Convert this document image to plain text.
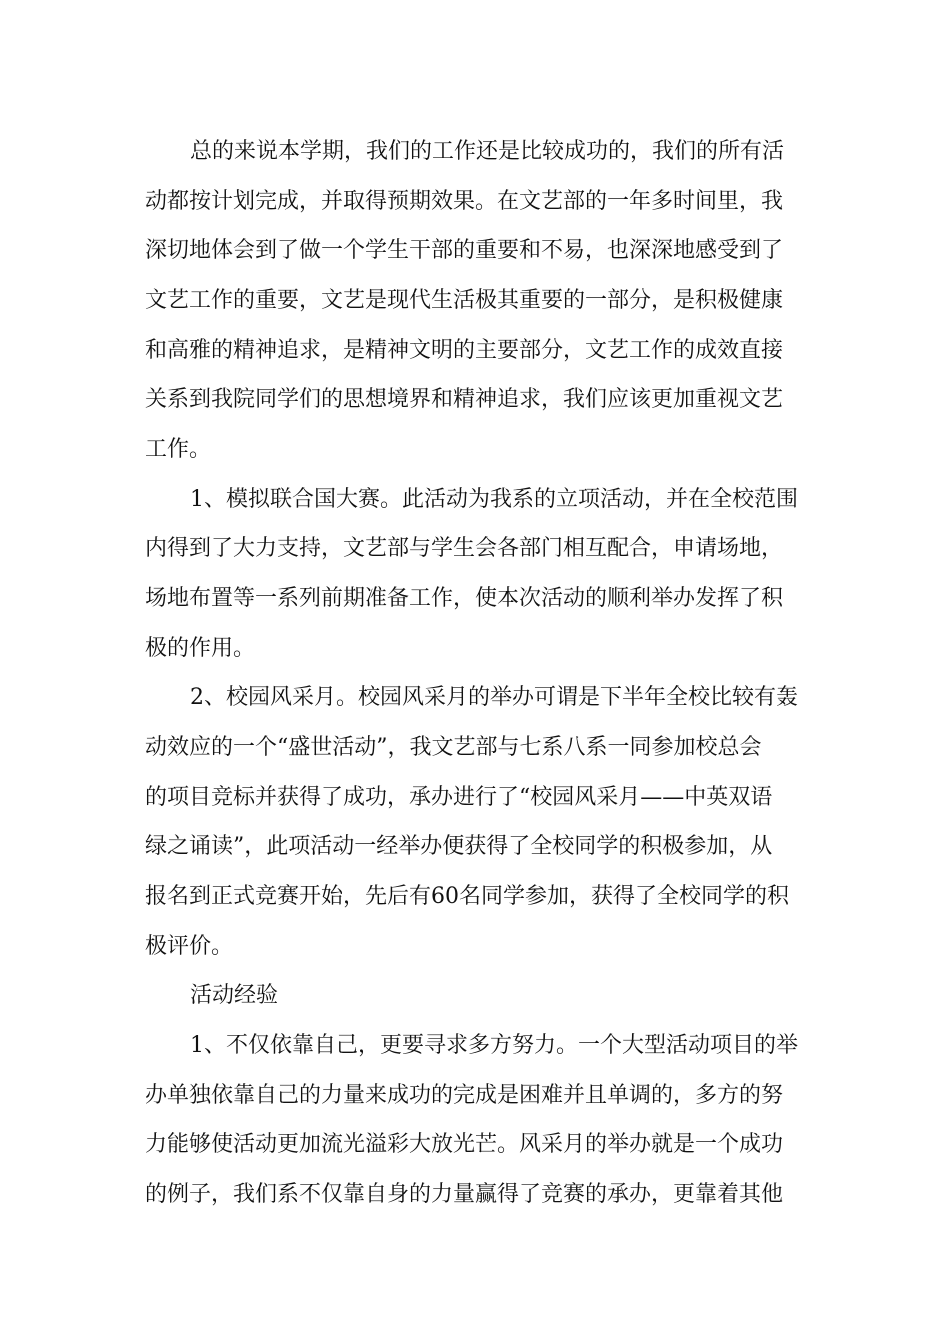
总的来说本学期，我们的工作还是比较成功的，我们的所有活

动都按计划完成，并取得预期效果。在文艺部的一年多时间里，我

深切地体会到了做一个学生干部的重要和不易，也深深地感受到了

文艺工作的重要，文艺是现代生活极其重要的一部分，是积极健康

和高雅的精神追求，是精神文明的主要部分，文艺工作的成效直接

关系到我院同学们的思想境界和精神追求，我们应该更加重视文艺

工作。

1、模拟联合国大赛。此活动为我系的立项活动，并在全校范围

内得到了大力支持，文艺部与学生会各部门相互配合，申请场地，

场地布置等一系列前期准备工作，使本次活动的顺利举办发挥了积

极的作用。

2、校园风采月。校园风采月的举办可谓是下半年全校比较有轰

动效应的一个“盛世活动”，我文艺部与七系八系一同参加校总会

的项目竞标并获得了成功，承办进行了“校园风采月——中英双语

绿之诵读”，此项活动一经举办便获得了全校同学的积极参加，从

报名到正式竞赛开始，先后有60名同学参加，获得了全校同学的积

极评价。

活动经验

1、不仅依靠自己，更要寻求多方努力。一个大型活动项目的举

办单独依靠自己的力量来成功的完成是困难并且单调的，多方的努

力能够使活动更加流光溢彩大放光芒。风采月的举办就是一个成功

的例子，我们系不仅靠自身的力量赢得了竞赛的承办，更靠着其他
